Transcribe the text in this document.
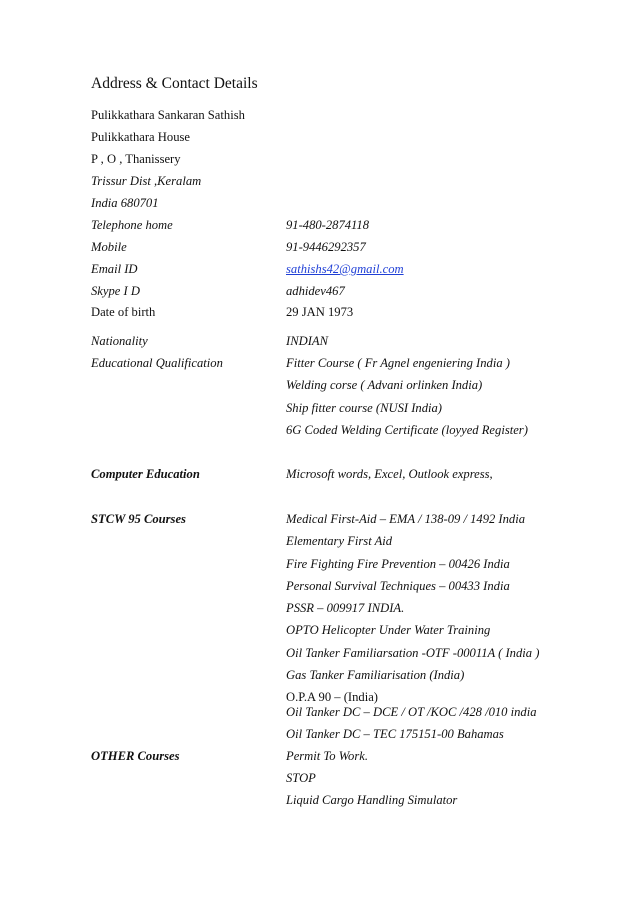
Address & Contact Details
Pulikkathara Sankaran Sathish
Pulikkathara House
P , O , Thanissery
Trissur Dist ,Keralam
India 680701
Telephone home	91-480-2874118
Mobile	91-9446292357
Email ID	sathishs42@gmail.com
Skype I D	adhidev467
Date of birth	29 JAN 1973
Nationality	INDIAN
Educational Qualification	Fitter Course ( Fr Agnel engeniering India )
Welding corse ( Advani orlinken India)
Ship fitter course (NUSI India)
6G Coded Welding Certificate (loyyed Register)
Computer Education	Microsoft words, Excel, Outlook express,
STCW 95 Courses	Medical First-Aid – EMA / 138-09 / 1492 India
Elementary First Aid
Fire Fighting Fire Prevention – 00426 India
Personal Survival Techniques – 00433 India
PSSR – 009917 INDIA.
OPTO Helicopter Under Water Training
Oil Tanker Familiarsation -OTF -00011A ( India )
Gas Tanker Familiarisation (India)
O.P.A 90 – (India)
Oil Tanker DC – DCE / OT /KOC /428 /010 india
Oil Tanker DC – TEC 175151-00 Bahamas
OTHER Courses	Permit To Work.
STOP
Liquid Cargo Handling Simulator
